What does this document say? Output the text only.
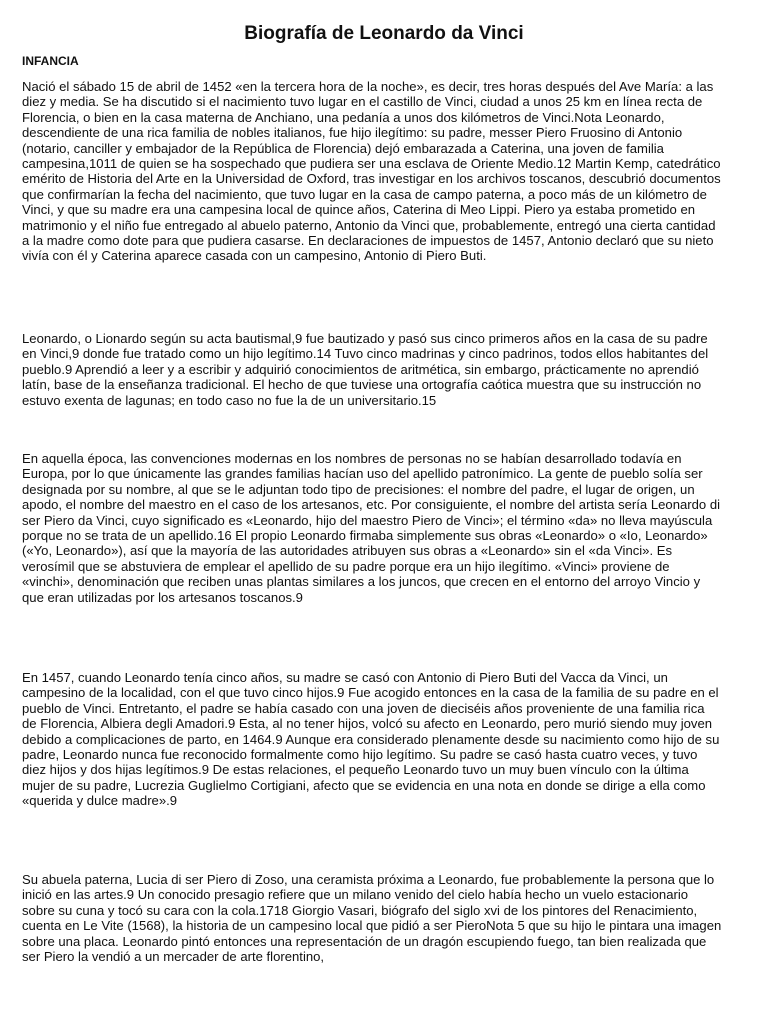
Biografía de Leonardo da Vinci
INFANCIA

Nació el sábado 15 de abril de 1452 «en la tercera hora de la noche», es decir, tres horas después del Ave María: a las diez y media. Se ha discutido si el nacimiento tuvo lugar en el castillo de Vinci, ciudad a unos 25 km en línea recta de Florencia, o bien en la casa materna de Anchiano, una pedanía a unos dos kilómetros de Vinci.Nota Leonardo, descendiente de una rica familia de nobles italianos, fue hijo ilegítimo: su padre, messer Piero Fruosino di Antonio (notario, canciller y embajador de la República de Florencia) dejó embarazada a Caterina, una joven de familia campesina,1011 de quien se ha sospechado que pudiera ser una esclava de Oriente Medio.12 Martin Kemp, catedrático emérito de Historia del Arte en la Universidad de Oxford, tras investigar en los archivos toscanos, descubrió documentos que confirmarían la fecha del nacimiento, que tuvo lugar en la casa de campo paterna, a poco más de un kilómetro de Vinci, y que su madre era una campesina local de quince años, Caterina di Meo Lippi. Piero ya estaba prometido en matrimonio y el niño fue entregado al abuelo paterno, Antonio da Vinci que, probablemente, entregó una cierta cantidad a la madre como dote para que pudiera casarse. En declaraciones de impuestos de 1457, Antonio declaró que su nieto vivía con él y Caterina aparece casada con un campesino, Antonio di Piero Buti.

Leonardo, o Lionardo según su acta bautismal,9 fue bautizado y pasó sus cinco primeros años en la casa de su padre en Vinci,9 donde fue tratado como un hijo legítimo.14 Tuvo cinco madrinas y cinco padrinos, todos ellos habitantes del pueblo.9 Aprendió a leer y a escribir y adquirió conocimientos de aritmética, sin embargo, prácticamente no aprendió latín, base de la enseñanza tradicional. El hecho de que tuviese una ortografía caótica muestra que su instrucción no estuvo exenta de lagunas; en todo caso no fue la de un universitario.15

En aquella época, las convenciones modernas en los nombres de personas no se habían desarrollado todavía en Europa, por lo que únicamente las grandes familias hacían uso del apellido patronímico. La gente de pueblo solía ser designada por su nombre, al que se le adjuntan todo tipo de precisiones: el nombre del padre, el lugar de origen, un apodo, el nombre del maestro en el caso de los artesanos, etc. Por consiguiente, el nombre del artista sería Leonardo di ser Piero da Vinci, cuyo significado es «Leonardo, hijo del maestro Piero de Vinci»; el término «da» no lleva mayúscula porque no se trata de un apellido.16 El propio Leonardo firmaba simplemente sus obras «Leonardo» o «Io, Leonardo» («Yo, Leonardo»), así que la mayoría de las autoridades atribuyen sus obras a «Leonardo» sin el «da Vinci». Es verosímil que se abstuviera de emplear el apellido de su padre porque era un hijo ilegítimo. «Vinci» proviene de «vinchi», denominación que reciben unas plantas similares a los juncos, que crecen en el entorno del arroyo Vincio y que eran utilizadas por los artesanos toscanos.9

En 1457, cuando Leonardo tenía cinco años, su madre se casó con Antonio di Piero Buti del Vacca da Vinci, un campesino de la localidad, con el que tuvo cinco hijos.9 Fue acogido entonces en la casa de la familia de su padre en el pueblo de Vinci. Entretanto, el padre se había casado con una joven de dieciséis años proveniente de una familia rica de Florencia, Albiera degli Amadori.9 Esta, al no tener hijos, volcó su afecto en Leonardo, pero murió siendo muy joven debido a complicaciones de parto, en 1464.9 Aunque era considerado plenamente desde su nacimiento como hijo de su padre, Leonardo nunca fue reconocido formalmente como hijo legítimo. Su padre se casó hasta cuatro veces, y tuvo diez hijos y dos hijas legítimos.9 De estas relaciones, el pequeño Leonardo tuvo un muy buen vínculo con la última mujer de su padre, Lucrezia Guglielmo Cortigiani, afecto que se evidencia en una nota en donde se dirige a ella como «querida y dulce madre».9

Su abuela paterna, Lucia di ser Piero di Zoso, una ceramista próxima a Leonardo, fue probablemente la persona que lo inició en las artes.9 Un conocido presagio refiere que un milano venido del cielo había hecho un vuelo estacionario sobre su cuna y tocó su cara con la cola.1718 Giorgio Vasari, biógrafo del siglo xvi de los pintores del Renacimiento, cuenta en Le Vite (1568), la historia de un campesino local que pidió a ser PieroNota 5 que su hijo le pintara una imagen sobre una placa. Leonardo pintó entonces una representación de un dragón escupiendo fuego, tan bien realizada que ser Piero la vendió a un mercader de arte florentino,
